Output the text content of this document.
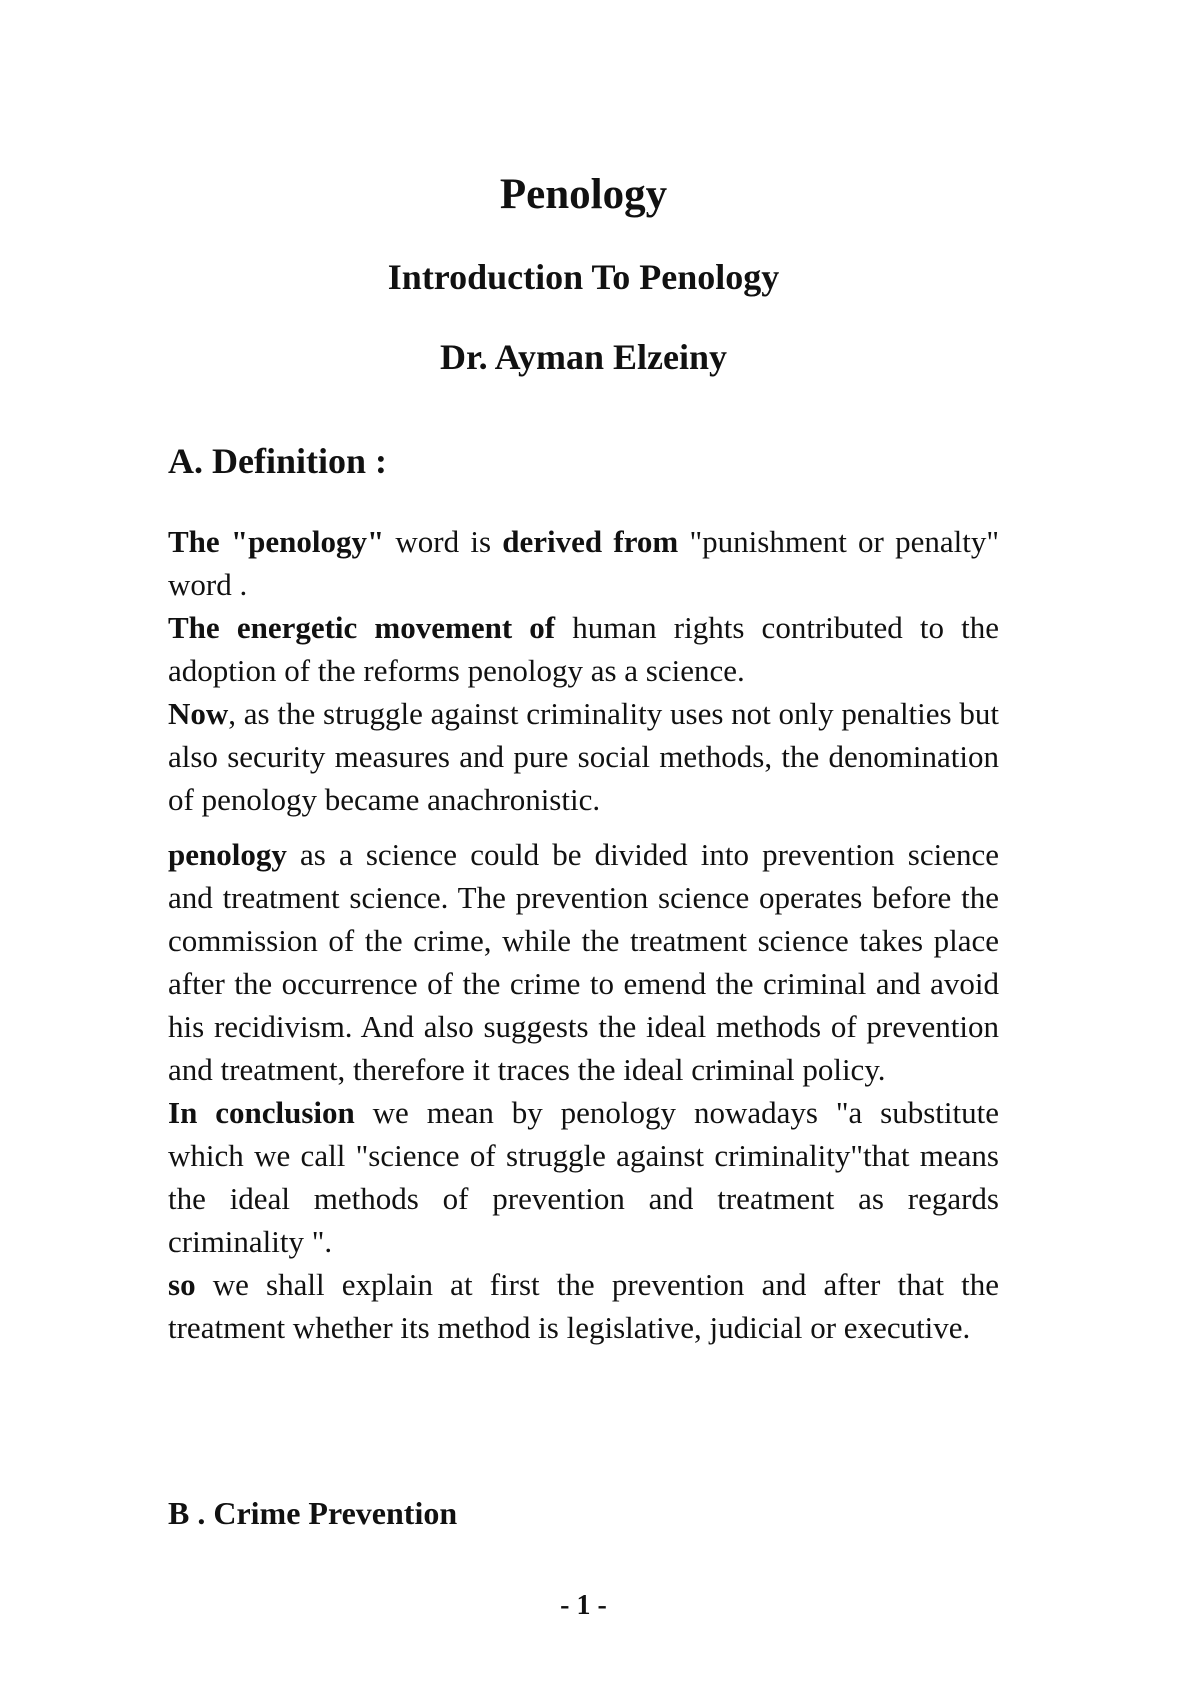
Penology
Introduction To Penology
Dr. Ayman Elzeiny
A. Definition :

The "penology" word is derived from "punishment or penalty" word .

The energetic movement of human rights contributed to the adoption of the reforms penology as a science.

Now, as the struggle against criminality uses not only penalties but also security measures and pure social methods, the denomination of penology became anachronistic.

penology as a science could be divided into prevention science and treatment science. The prevention science operates before the commission of the crime, while the treatment science takes place after the occurrence of the crime to emend the criminal and avoid his recidivism. And also suggests the ideal methods of prevention and treatment, therefore it traces the ideal criminal policy.

In conclusion we mean by penology nowadays "a substitute which we call "science of struggle against criminality"that means the ideal methods of prevention and treatment as regards criminality ".

so we shall explain at first the prevention and after that the treatment whether its method is legislative, judicial or executive.

B . Crime Prevention
- 1 -
